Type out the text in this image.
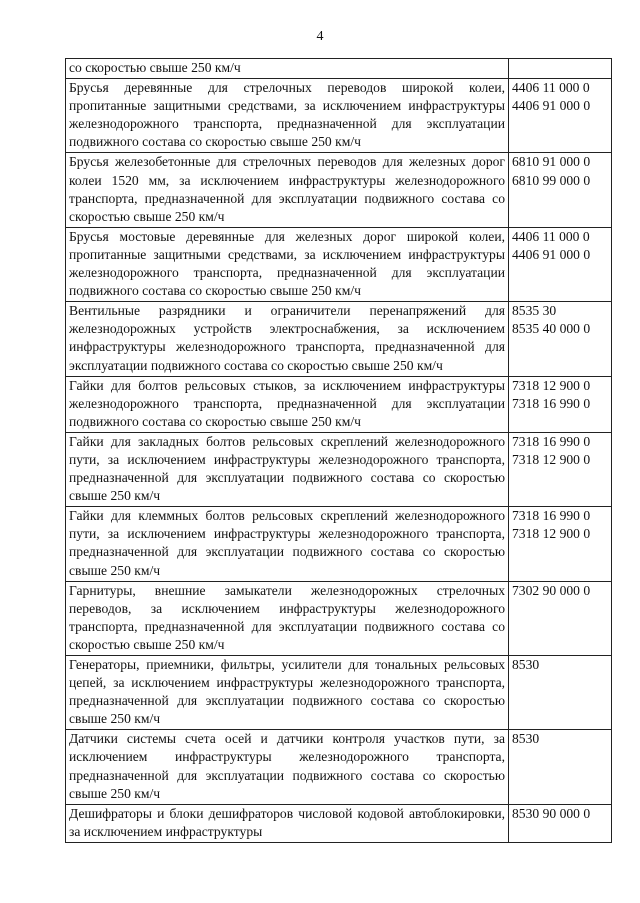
4
со скоростью свыше 250 км/ч	
Брусья деревянные для стрелочных переводов широкой колеи, пропитанные защитными средствами, за исключением инфраструктуры железнодорожного транспорта, предназначенной для эксплуатации подвижного состава со скоростью свыше 250 км/ч	4406 11 000 0
4406 91 000 0

Брусья железобетонные для стрелочных переводов для железных дорог колеи 1520 мм, за исключением инфраструктуры железнодорожного транспорта, предназначенной для эксплуатации подвижного состава со скоростью свыше 250 км/ч	6810 91 000 0
6810 99 000 0

Брусья мостовые деревянные для железных дорог широкой колеи, пропитанные защитными средствами, за исключением инфраструктуры железнодорожного транспорта, предназначенной для эксплуатации подвижного состава со скоростью свыше 250 км/ч	4406 11 000 0
4406 91 000 0

Вентильные разрядники и ограничители перенапряжений для железнодорожных устройств электроснабжения, за исключением инфраструктуры железнодорожного транспорта, предназначенной для эксплуатации подвижного состава со скоростью свыше 250 км/ч	8535 30
8535 40 000 0

Гайки для болтов рельсовых стыков, за исключением инфраструктуры железнодорожного транспорта, предназначенной для эксплуатации подвижного состава со скоростью свыше 250 км/ч	7318 12 900 0
7318 16 990 0

Гайки для закладных болтов рельсовых скреплений железнодорожного пути, за исключением инфраструктуры железнодорожного транспорта, предназначенной для эксплуатации подвижного состава со скоростью свыше 250 км/ч	7318 16 990 0
7318 12 900 0

Гайки для клеммных болтов рельсовых скреплений железнодорожного пути, за исключением инфраструктуры железнодорожного транспорта, предназначенной для эксплуатации подвижного состава со скоростью свыше 250 км/ч	7318 16 990 0
7318 12 900 0

Гарнитуры, внешние замыкатели железнодорожных стрелочных переводов, за исключением инфраструктуры железнодорожного транспорта, предназначенной для эксплуатации подвижного состава со скоростью свыше 250 км/ч	7302 90 000 0

Генераторы, приемники, фильтры, усилители для тональных рельсовых цепей, за исключением инфраструктуры железнодорожного транспорта, предназначенной для эксплуатации подвижного состава со скоростью свыше 250 км/ч	8530

Датчики системы счета осей и датчики контроля участков пути, за исключением инфраструктуры железнодорожного транспорта, предназначенной для эксплуатации подвижного состава со скоростью свыше 250 км/ч	8530

Дешифраторы и блоки дешифраторов числовой кодовой автоблокировки, за исключением инфраструктуры	8530 90 000 0
